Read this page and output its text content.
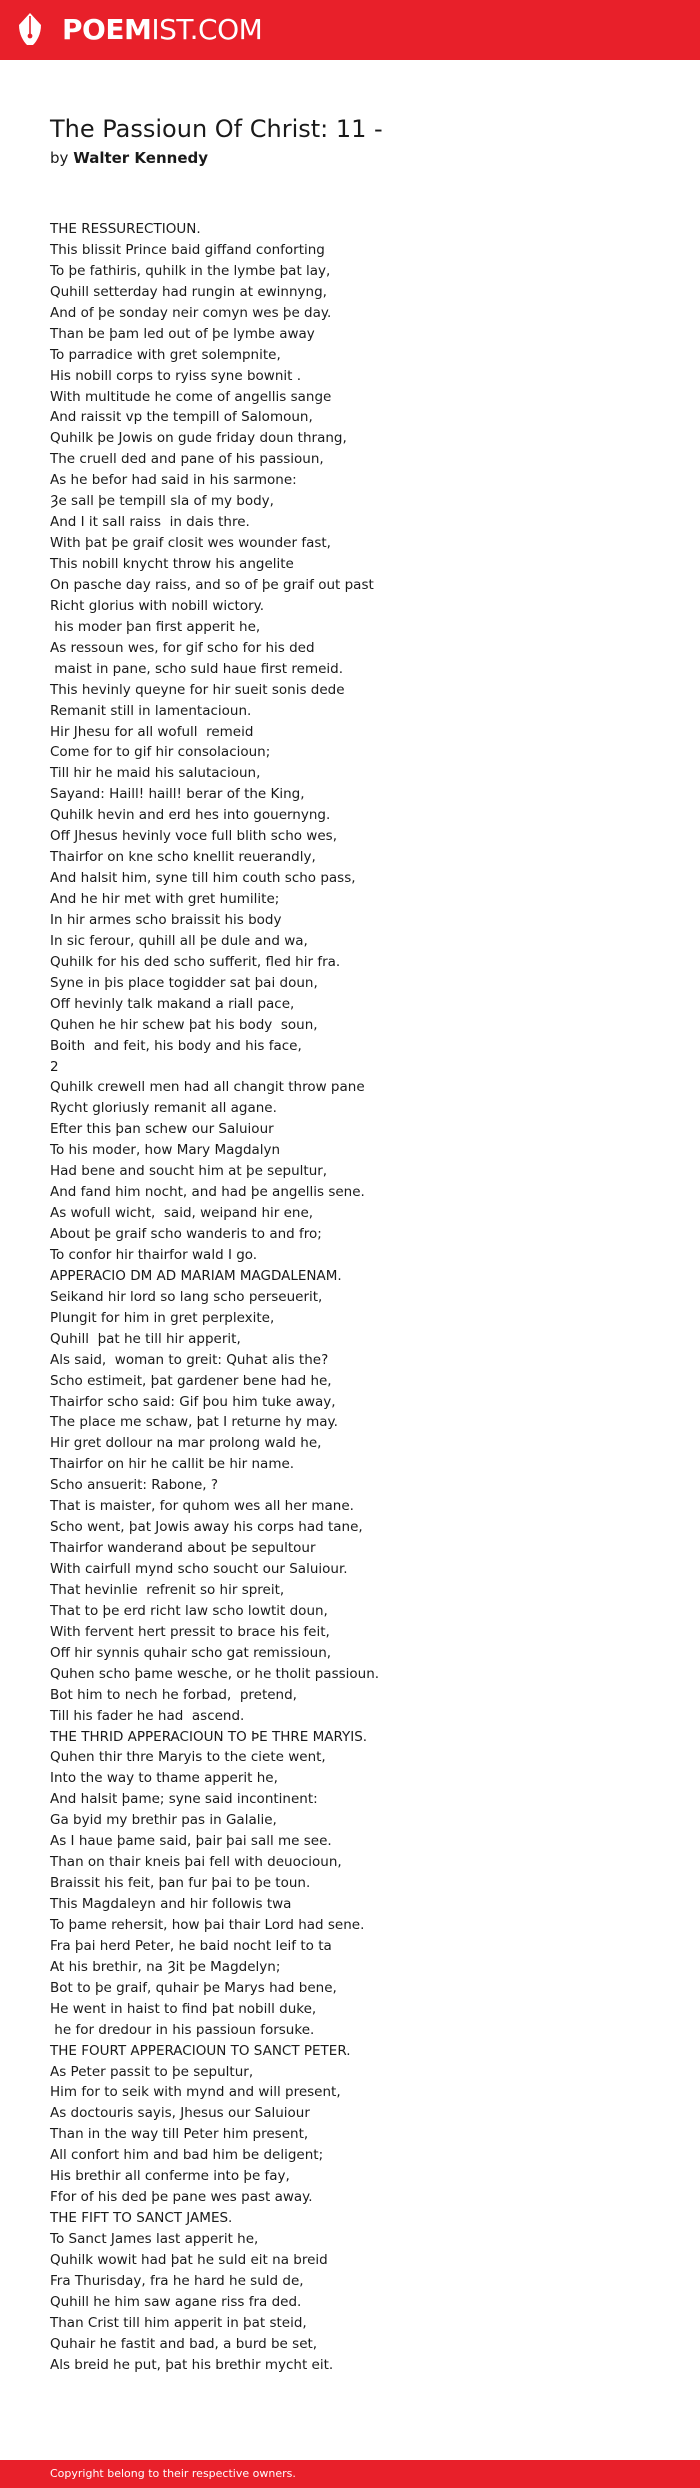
POEMIST.COM
The Passioun Of Christ: 11 -
by Walter Kennedy
THE RESSURECTIOUN.
This blissit Prince baid giffand conforting
To þe fathiris, quhilk in the lymbe þat lay,
Quhill setterday had rungin at ewinnyng,
And of þe sonday neir comyn wes þe day.
Than be þam led out of þe lymbe away
To parradice with gret solempnite,
His nobill corps to ryiss syne bownit .
With multitude he come of angellis sange
And raissit vp the tempill of Salomoun,
Quhilk þe Jowis on gude friday doun thrang,
The cruell ded and pane of his passioun,
As he befor had said in his sarmone:
Ȝe sall þe tempill sla of my body,
And I it sall raiss  in dais thre.
With þat þe graif closit wes wounder fast,
This nobill knycht throw his angelite
On pasche day raiss, and so of þe graif out past
Richt glorius with nobill wictory.
his moder þan first apperit he,
As ressoun wes, for gif scho for his ded
maist in pane, scho suld haue first remeid.
This hevinly queyne for hir sueit sonis dede
Remanit still in lamentacioun.
Hir Jhesu for all wofull  remeid
Come for to gif hir consolacioun;
Till hir he maid his salutacioun,
Sayand: Haill! haill! berar of the King,
Quhilk hevin and erd hes into gouernyng.
Off Jhesus hevinly voce full blith scho wes,
Thairfor on kne scho knellit reuerandly,
And halsit him, syne till him couth scho pass,
And he hir met with gret humilite;
In hir armes scho braissit his body
In sic ferour, quhill all þe dule and wa,
Quhilk for his ded scho sufferit, fled hir fra.
Syne in þis place togidder sat þai doun,
Off hevinly talk makand a riall pace,
Quhen he hir schew þat his body  soun,
Boith  and feit, his body and his face,
2
Quhilk crewell men had all changit throw pane
Rycht gloriusly remanit all agane.
Efter this þan schew our Saluiour
To his moder, how Mary Magdalyn
Had bene and soucht him at þe sepultur,
And fand him nocht, and had þe angellis sene.
As wofull wicht,  said, weipand hir ene,
About þe graif scho wanderis to and fro;
To confor hir thairfor wald I go.
APPERACIO DM AD MARIAM MAGDALENAM.
Seikand hir lord so lang scho perseuerit,
Plungit for him in gret perplexite,
Quhill  þat he till hir apperit,
Als said,  woman to greit: Quhat alis the?
Scho estimeit, þat gardener bene had he,
Thairfor scho said: Gif þou him tuke away,
The place me schaw, þat I returne hy may.
Hir gret dollour na mar prolong wald he,
Thairfor on hir he callit be hir name.
Scho ansuerit: Rabone, ?
That is maister, for quhom wes all her mane.
Scho went, þat Jowis away his corps had tane,
Thairfor wanderand about þe sepultour
With cairfull mynd scho soucht our Saluiour.
That hevinlie  refrenit so hir spreit,
That to þe erd richt law scho lowtit doun,
With fervent hert pressit to brace his feit,
Off hir synnis quhair scho gat remissioun,
Quhen scho þame wesche, or he tholit passioun.
Bot him to nech he forbad,  pretend,
Till his fader he had  ascend.
THE THRID APPERACIOUN TO ÞE THRE MARYIS.
Quhen thir thre Maryis to the ciete went,
Into the way to thame apperit he,
And halsit þame; syne said incontinent:
Ga byid my brethir pas in Galalie,
As I haue þame said, þair þai sall me see.
Than on thair kneis þai fell with deuocioun,
Braissit his feit, þan fur þai to þe toun.
This Magdaleyn and hir followis twa
To þame rehersit, how þai thair Lord had sene.
Fra þai herd Peter, he baid nocht leif to ta
At his brethir, na Ȝit þe Magdelyn;
Bot to þe graif, quhair þe Marys had bene,
He went in haist to find þat nobill duke,
he for dredour in his passioun forsuke.
THE FOURT APPERACIOUN TO SANCT PETER.
As Peter passit to þe sepultur,
Him for to seik with mynd and will present,
As doctouris sayis, Jhesus our Saluiour
Than in the way till Peter him present,
All confort him and bad him be deligent;
His brethir all conferme into þe fay,
Ffor of his ded þe pane wes past away.
THE FIFT TO SANCT JAMES.
To Sanct James last apperit he,
Quhilk wowit had þat he suld eit na breid
Fra Thurisday, fra he hard he suld de,
Quhill he him saw agane riss fra ded.
Than Crist till him apperit in þat steid,
Quhair he fastit and bad, a burd be set,
Als breid he put, þat his brethir mycht eit.
Copyright belong to their respective owners.
